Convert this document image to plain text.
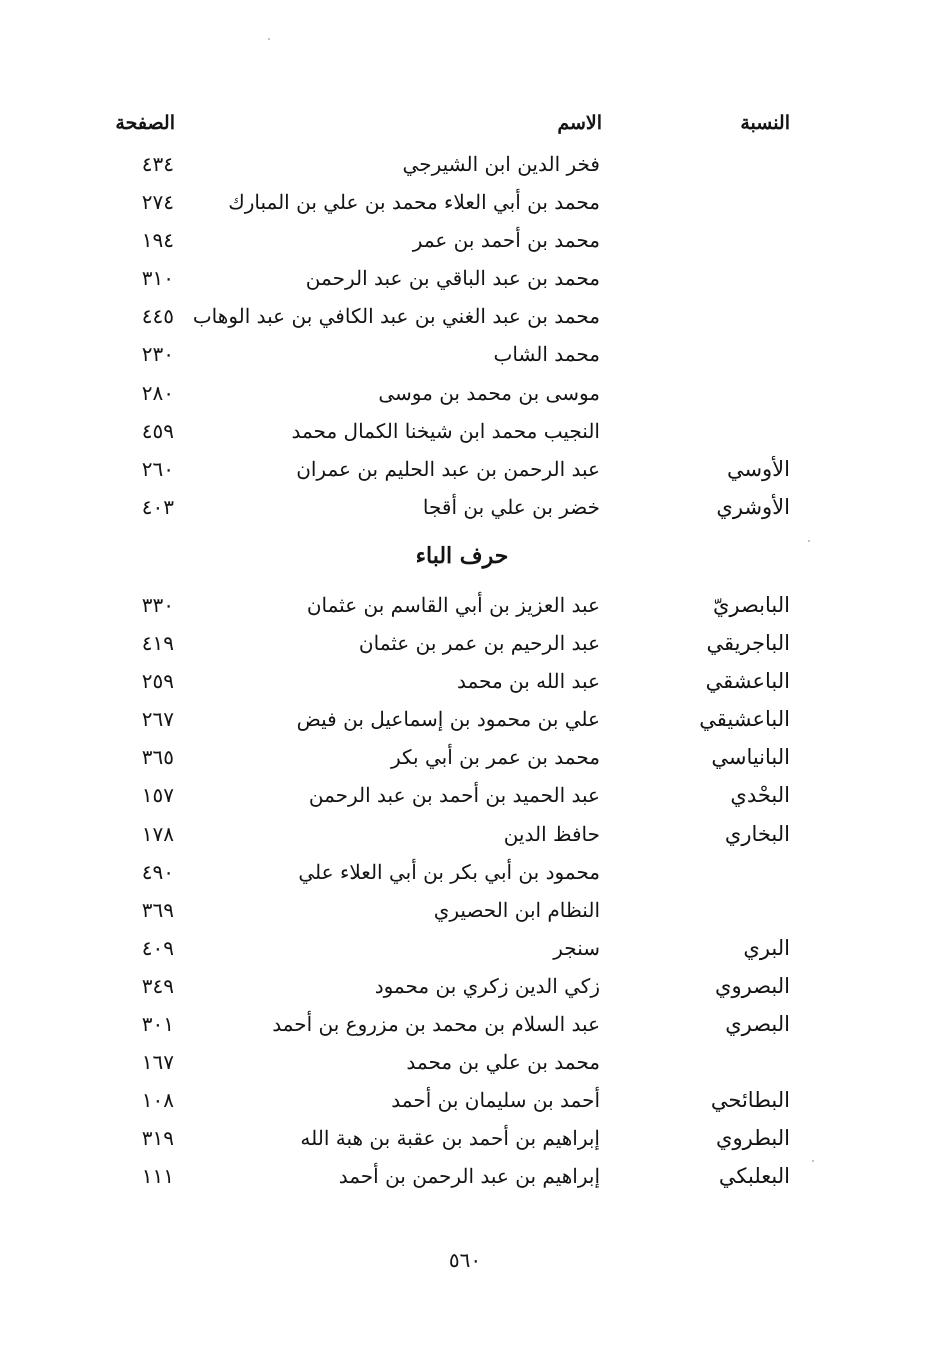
النسبة
الاسم
الصفحة
فخر الدين ابن الشيرجي
٤٣٤
محمد بن أبي العلاء محمد بن علي بن المبارك
٢٧٤
محمد بن أحمد بن عمر
١٩٤
محمد بن عبد الباقي بن عبد الرحمن
٣١٠
محمد بن عبد الغني بن عبد الكافي بن عبد الوهاب
٤٤٥
محمد الشاب
٢٣٠
موسى بن محمد بن موسى
٢٨٠
النجيب محمد ابن شيخنا الكمال محمد
٤٥٩
الأوسي
عبد الرحمن بن عبد الحليم بن عمران
٢٦٠
الأوشري
خضر بن علي بن أقجا
٤٠٣
حرف الباء
البابصريّ
عبد العزيز بن أبي القاسم بن عثمان
٣٣٠
الباجريقي
عبد الرحيم بن عمر بن عثمان
٤١٩
الباعشقي
عبد الله بن محمد
٢٥٩
الباعشيقي
علي بن محمود بن إسماعيل بن فيض
٢٦٧
البانياسي
محمد بن عمر بن أبي بكر
٣٦٥
البحْدي
عبد الحميد بن أحمد بن عبد الرحمن
١٥٧
البخاري
حافظ الدين
١٧٨
محمود بن أبي بكر بن أبي العلاء علي
٤٩٠
النظام ابن الحصيري
٣٦٩
البري
سنجر
٤٠٩
البصروي
زكي الدين زكري بن محمود
٣٤٩
البصري
عبد السلام بن محمد بن مزروع بن أحمد
٣٠١
محمد بن علي بن محمد
١٦٧
البطائحي
أحمد بن سليمان بن أحمد
١٠٨
البطروي
إبراهيم بن أحمد بن عقبة بن هبة الله
٣١٩
البعلبكي
إبراهيم بن عبد الرحمن بن أحمد
١١١
٥٦٠
